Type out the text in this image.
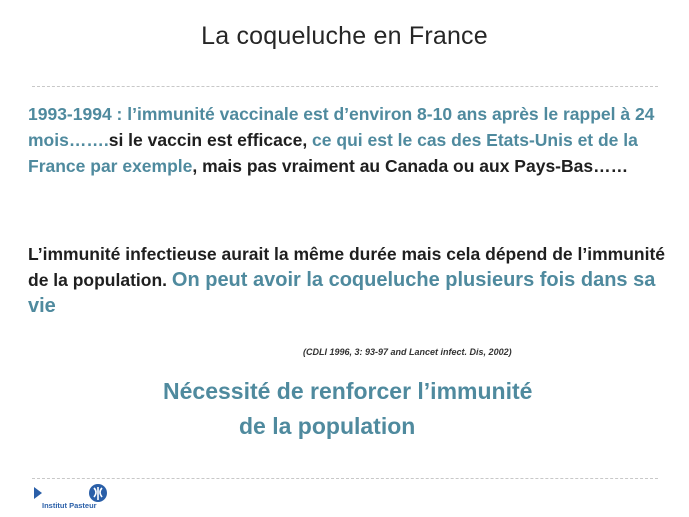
La coqueluche en France
1993-1994 : l’immunité vaccinale est d’environ 8-10 ans après le rappel à 24 mois…….si le vaccin est efficace, ce qui est le cas des Etats-Unis et de la France par exemple, mais pas vraiment au Canada ou aux Pays-Bas……
L’immunité infectieuse aurait la même durée mais cela dépend de l’immunité de la population. On peut avoir la coqueluche plusieurs fois dans sa vie
(CDLI 1996, 3: 93-97 and Lancet infect. Dis, 2002)
Nécessité de renforcer l’immunité
de la population
Institut Pasteur
